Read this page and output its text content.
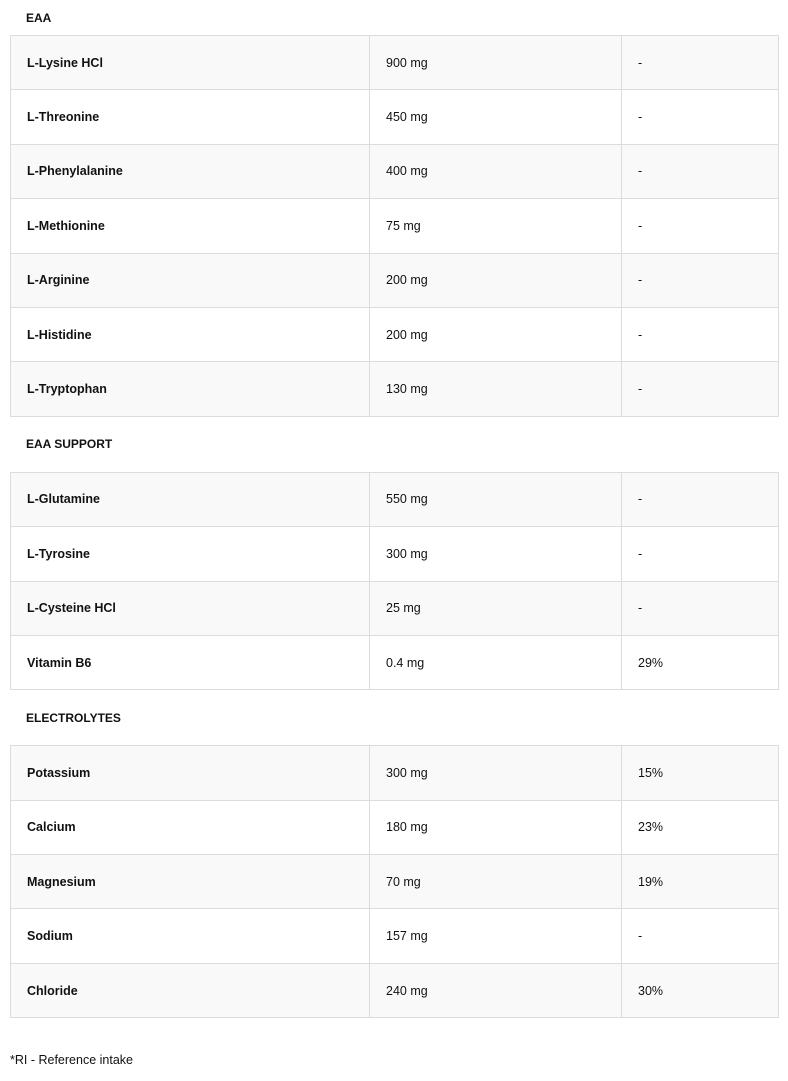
EAA
L-Lysine HCl	900 mg	-
L-Threonine	450 mg	-
L-Phenylalanine	400 mg	-
L-Methionine	75 mg	-
L-Arginine	200 mg	-
L-Histidine	200 mg	-
L-Tryptophan	130 mg	-
EAA SUPPORT
L-Glutamine	550 mg	-
L-Tyrosine	300 mg	-
L-Cysteine HCl	25 mg	-
Vitamin B6	0.4 mg	29%
ELECTROLYTES
Potassium	300 mg	15%
Calcium	180 mg	23%
Magnesium	70 mg	19%
Sodium	157 mg	-
Chloride	240 mg	30%
*RI - Reference intake
